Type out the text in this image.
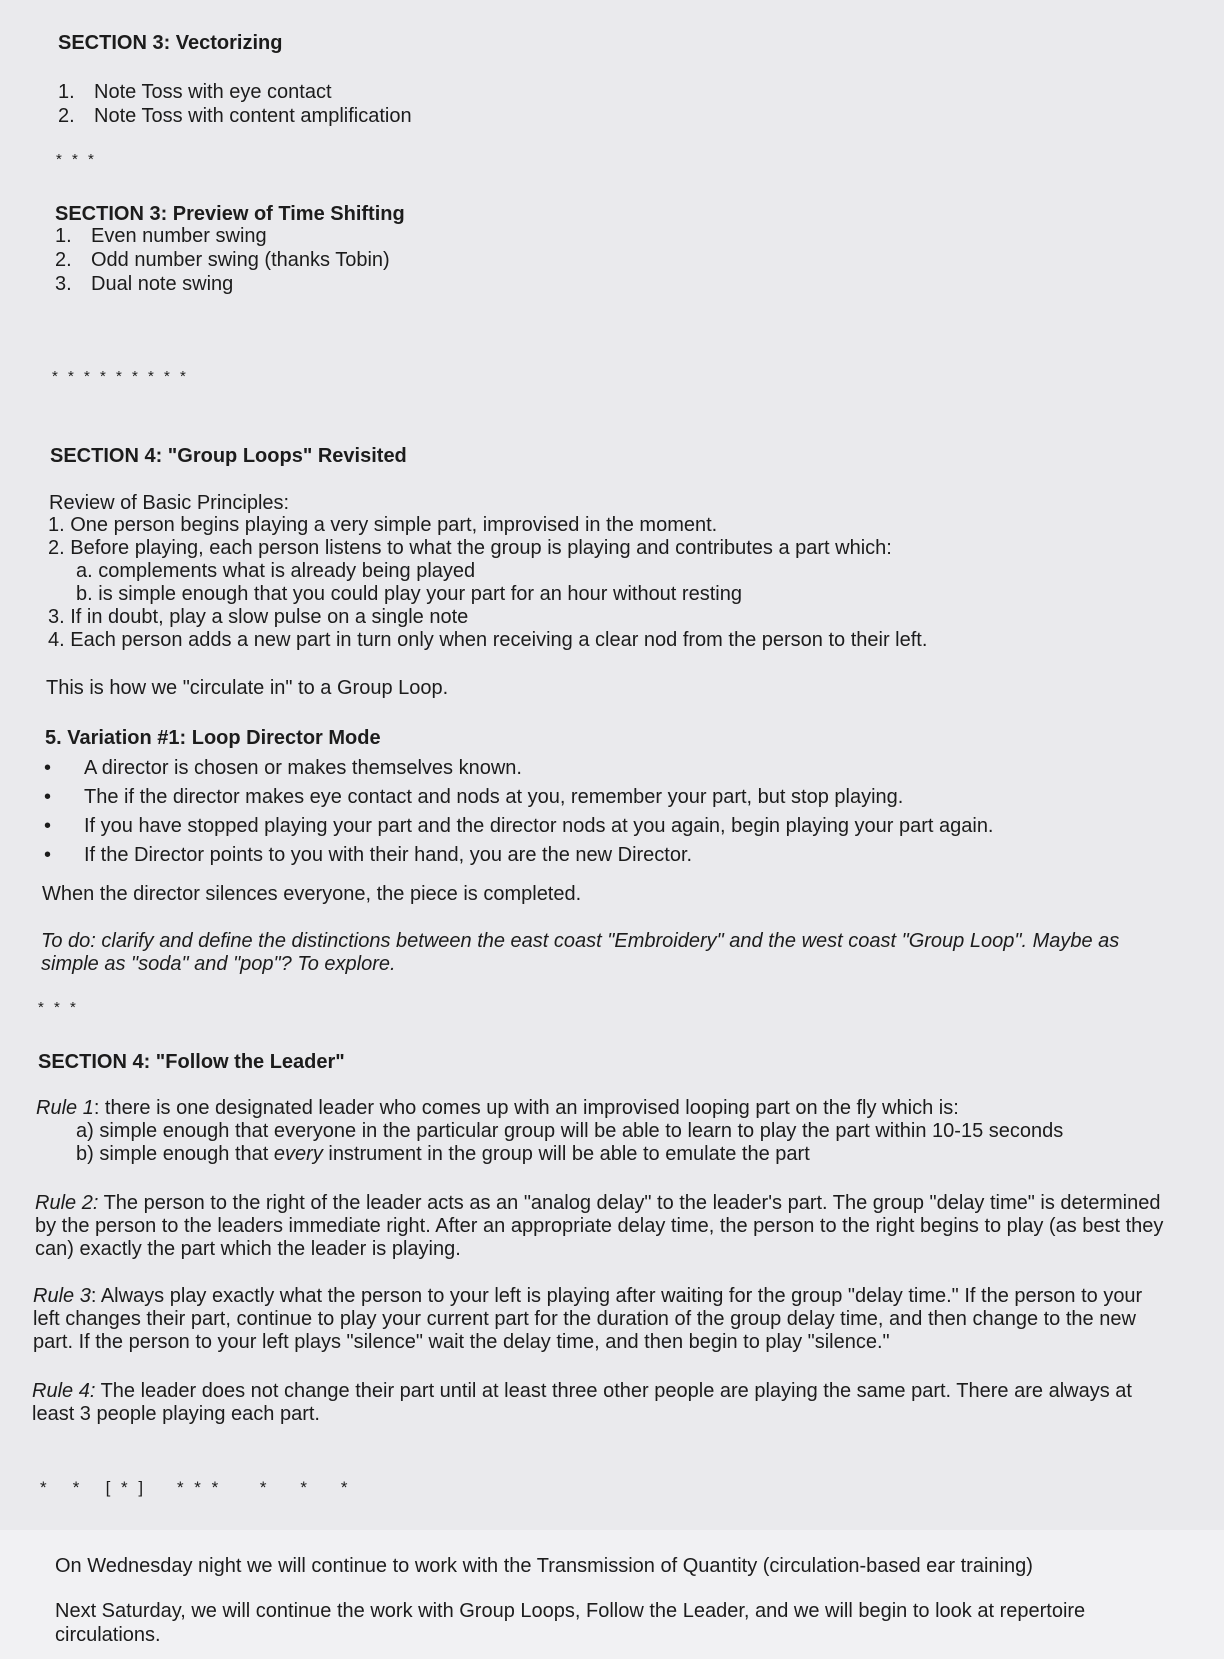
SECTION 3: Vectorizing
1. Note Toss with eye contact
2. Note Toss with content amplification
* * *
SECTION 3: Preview of Time Shifting
1. Even number swing
2. Odd number swing (thanks Tobin)
3. Dual note swing
* * * * * * * * *
SECTION 4: "Group Loops" Revisited
Review of Basic Principles:
1.
One person begins playing a very simple part, improvised in the moment.
2.
Before playing, each person listens to what the group is playing and contributes a part which:
a.
complements what is already being played
b.
is simple enough that you could play your part for an hour without resting
3.
If in doubt, play a slow pulse on a single note
4.
Each person adds a new part in turn only when receiving a clear nod from the person to their left.
This is how we "circulate in" to a Group Loop.
5. Variation #1: Loop Director Mode
•	A director is chosen or makes themselves known.
•	The if the director makes eye contact and nods at you, remember your part, but stop playing.
•	If you have stopped playing your part and the director nods at you again, begin playing your part again.
•	If the Director points to you with their hand, you are the new Director.
When the director silences everyone, the piece is completed.
To do: clarify and define the distinctions between the east coast "Embroidery" and the west coast "Group Loop". Maybe as simple as "soda" and "pop"? To explore.
* * *
SECTION 4: "Follow the Leader"
Rule 1: there is one designated leader who comes up with an improvised looping part on the fly which is:
a) simple enough that everyone in the particular group will be able to learn to play the part within 10-15 seconds
b) simple enough that every instrument in the group will be able to emulate the part
Rule 2: The person to the right of the leader acts as an "analog delay" to the leader's part. The group "delay time" is determined by the person to the leaders immediate right. After an appropriate delay time, the person to the right begins to play (as best they can) exactly the part which the leader is playing.
Rule 3: Always play exactly what the person to your left is playing after waiting for the group "delay time." If the person to your left changes their part, continue to play your current part for the duration of the group delay time, and then change to the new part. If the person to your left plays "silence" wait the delay time, and then begin to play "silence."
Rule 4: The leader does not change their part until at least three other people are playing the same part. There are always at least 3 people playing each part.
*   *   [ * ]    * * *     *    *    *
On Wednesday night we will continue to work with the Transmission of Quantity (circulation-based ear training)
Next Saturday, we will continue the work with Group Loops, Follow the Leader, and we will begin to look at repertoire circulations.
